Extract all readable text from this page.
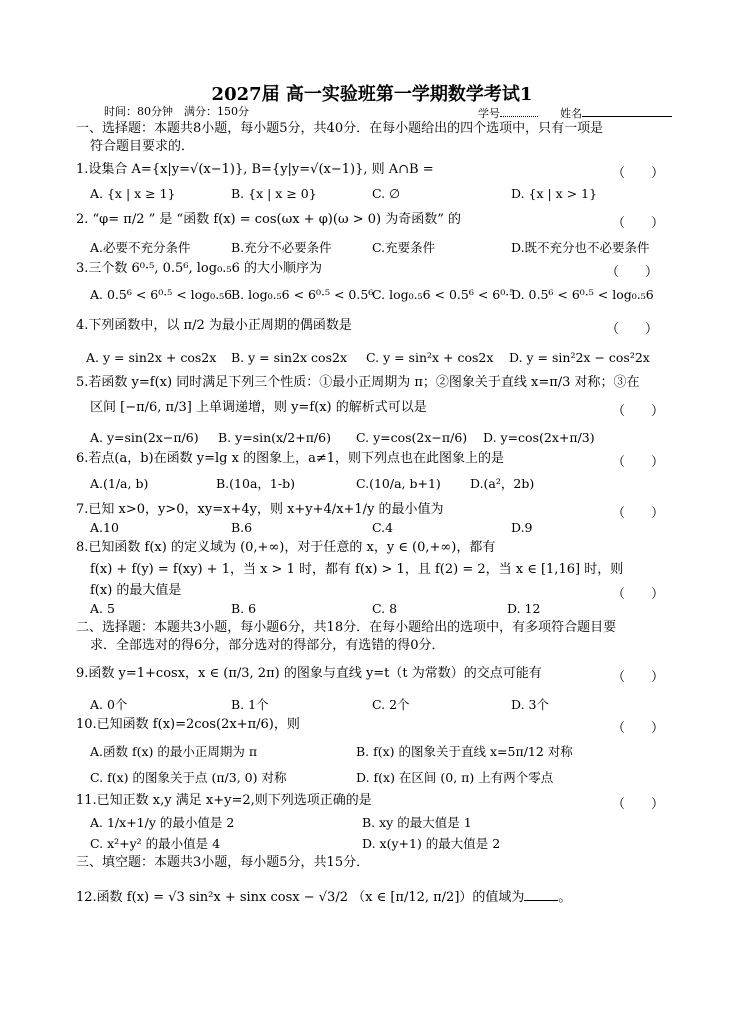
2027届 高一实验班第一学期数学考试1
时间：80分钟　满分：150分	学号	姓名
一、选择题：本题共8小题，每小题5分，共40分．在每小题给出的四个选项中，只有一项是
符合题目要求的．
1.设集合 A={x|y=√(x−1)}, B={y|y=√(x−1)}, 则 A∩B =	（　　）
A. {x | x ≥ 1}	B. {x | x ≥ 0}	C. ∅	D. {x | x > 1}
2. “φ= π/2 ” 是 “函数 f(x) = cos(ωx + φ)(ω > 0) 为奇函数” 的	（　　）
A.必要不充分条件	B.充分不必要条件	C.充要条件	D.既不充分也不必要条件
3.三个数 6⁰·⁵, 0.5⁶, log₀.₅6 的大小顺序为	（　　）
A. 0.5⁶ < 6⁰·⁵ < log₀.₅6
B. log₀.₅6 < 6⁰·⁵ < 0.5⁶
C. log₀.₅6 < 0.5⁶ < 6⁰·⁵
D. 0.5⁶ < 6⁰·⁵ < log₀.₅6
4.下列函数中，以 π/2 为最小正周期的偶函数是	（　　）
A. y = sin2x + cos2x B. y = sin2x cos2x C. y = sin²x + cos2x D. y = sin²2x − cos²2x
5.若函数 y=f(x) 同时满足下列三个性质：①最小正周期为 π；②图象关于直线 x=π/3 对称；③在
区间 [−π/6, π/3] 上单调递增，则 y=f(x) 的解析式可以是	（　　）
A. y=sin(2x−π/6) B. y=sin(x/2+π/6) C. y=cos(2x−π/6) D. y=cos(2x+π/3)
6.若点(a，b)在函数 y=lg x 的图象上，a≠1，则下列点也在此图象上的是	（　　）
A.(1/a, b)	B.(10a，1-b)	C.(10/a, b+1) D.(a²，2b)
7.已知 x>0，y>0，xy=x+4y，则 x+y+4/x+1/y 的最小值为	（　　）
A.10	B.6	C.4	D.9
8.已知函数 f(x) 的定义域为 (0,+∞)，对于任意的 x，y ∈ (0,+∞)，都有
f(x) + f(y) = f(xy) + 1，当 x > 1 时，都有 f(x) > 1，且 f(2) = 2，当 x ∈ [1,16] 时，则
f(x) 的最大值是	（　　）
A. 5	B. 6	C. 8	D. 12
二、选择题：本题共3小题，每小题6分，共18分．在每小题给出的选项中，有多项符合题目要
求．全部选对的得6分，部分选对的得部分，有选错的得0分．
9.函数 y=1+cosx，x ∈ (π/3, 2π) 的图象与直线 y=t（t 为常数）的交点可能有	（　　）
A. 0个	B. 1个	C. 2个	D. 3个
10.已知函数 f(x)=2cos(2x+π/6)，则	（　　）
A.函数 f(x) 的最小正周期为 π	B. f(x) 的图象关于直线 x=5π/12 对称
C. f(x) 的图象关于点 (π/3, 0) 对称	D. f(x) 在区间 (0, π) 上有两个零点
11.已知正数 x,y 满足 x+y=2,则下列选项正确的是	（　　）
A. 1/x+1/y 的最小值是 2	B. xy 的最大值是 1
C. x²+y² 的最小值是 4	D. x(y+1) 的最大值是 2
三、填空题：本题共3小题，每小题5分，共15分．
12.函数 f(x) = √3 sin²x + sinx cosx − √3/2 （x ∈ [π/12, π/2]）的值域为	。
